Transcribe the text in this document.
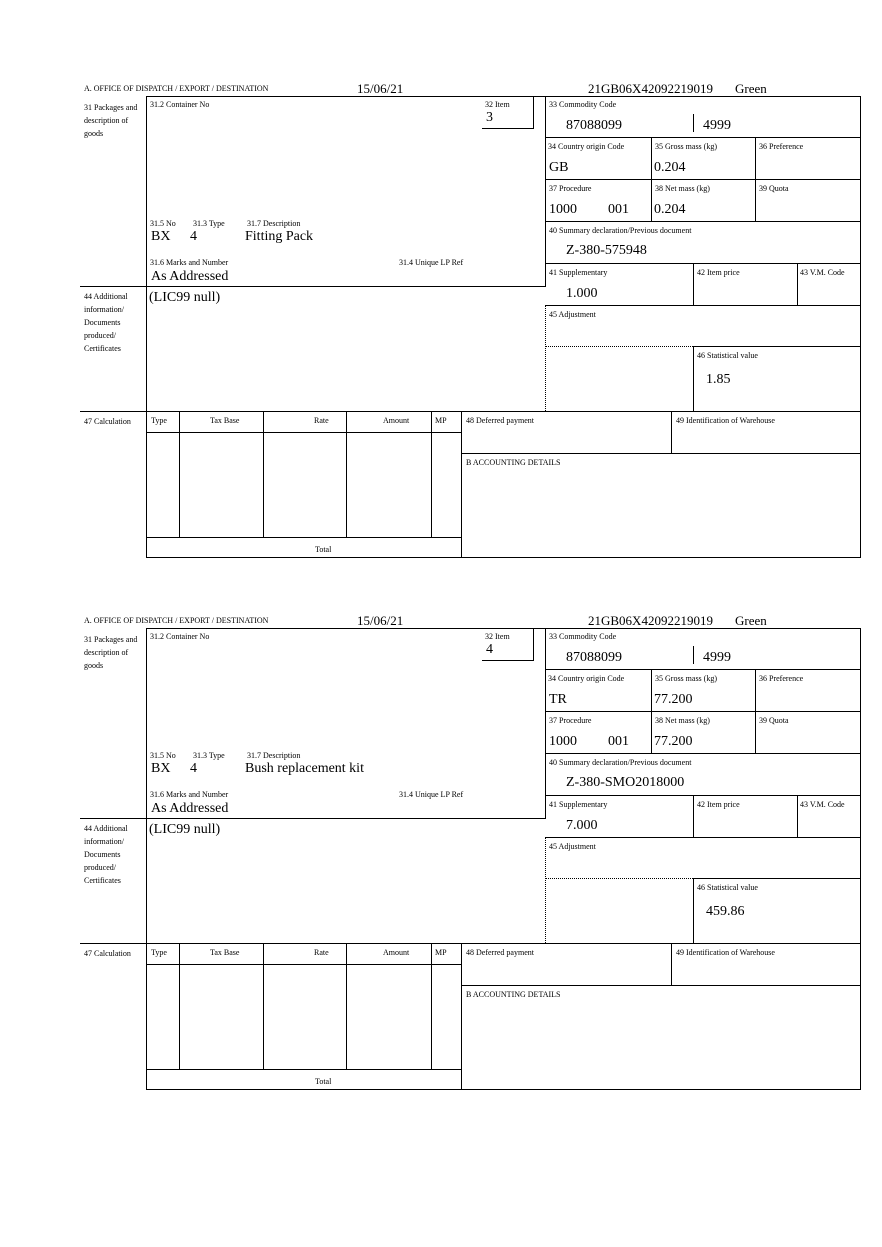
A. OFFICE OF DISPATCH / EXPORT / DESTINATION	15/06/21	21GB06X42092219019 Green
31 Packages and description of goods
44 Additional information/ Documents produced/ Certificates
47 Calculation
31.2 Container No	32 Item
3
31.5 No 31.3 Type	31.7 Description
BX 4	Fitting Pack
31.6 Marks and Number	31.4 Unique LP Ref
As Addressed
(LIC99 null)
33 Commodity Code
87088099	4999
34 Country origin Code
GB
35 Gross mass (kg)
0.204
36 Preference
37 Procedure
1000 001
38 Net mass (kg)
0.204
39 Quota
40 Summary declaration/Previous document
Z-380-575948
41 Supplementary
1.000
42 Item price	43 V.M. Code
45 Adjustment
46 Statistical value
1.85
Type	Tax Base	Rate	Amount	MP
Total
48 Deferred payment	49 Identification of Warehouse
B ACCOUNTING DETAILS
A. OFFICE OF DISPATCH / EXPORT / DESTINATION	15/06/21	21GB06X42092219019 Green
31 Packages and description of goods
44 Additional information/ Documents produced/ Certificates
47 Calculation
31.2 Container No	32 Item
4
31.5 No 31.3 Type	31.7 Description
BX 4	Bush replacement kit
31.6 Marks and Number	31.4 Unique LP Ref
As Addressed
(LIC99 null)
33 Commodity Code
87088099	4999
34 Country origin Code
TR
35 Gross mass (kg)
77.200
36 Preference
37 Procedure
1000 001
38 Net mass (kg)
77.200
39 Quota
40 Summary declaration/Previous document
Z-380-SMO2018000
41 Supplementary
7.000
42 Item price	43 V.M. Code
45 Adjustment
46 Statistical value
459.86
Type	Tax Base	Rate	Amount	MP
Total
48 Deferred payment	49 Identification of Warehouse
B ACCOUNTING DETAILS
